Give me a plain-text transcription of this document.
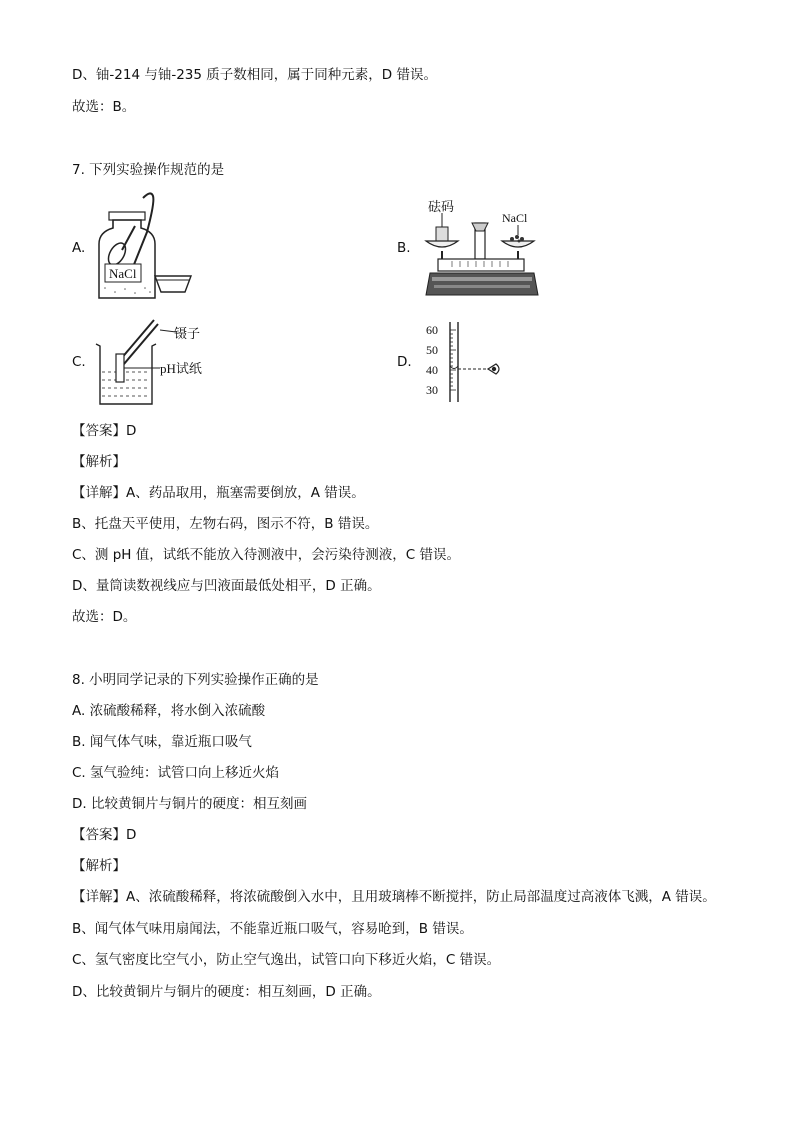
D、铀-214 与铀-235 质子数相同，属于同种元素，D 错误。
故选：B。
7. 下列实验操作规范的是
A.
NaCl
B.
砝码
NaCl
C.
镊子
pH试纸	D.
60
50
40
30
【答案】D
【解析】
【详解】A、药品取用，瓶塞需要倒放，A 错误。
B、托盘天平使用，左物右码，图示不符，B 错误。
C、测 pH 值，试纸不能放入待测液中，会污染待测液，C 错误。
D、量筒读数视线应与凹液面最低处相平，D 正确。
故选：D。
8. 小明同学记录的下列实验操作正确的是
A. 浓硫酸稀释，将水倒入浓硫酸
B. 闻气体气味，靠近瓶口吸气
C. 氢气验纯：试管口向上移近火焰
D. 比较黄铜片与铜片的硬度：相互刻画
【答案】D
【解析】
【详解】A、浓硫酸稀释，将浓硫酸倒入水中，且用玻璃棒不断搅拌，防止局部温度过高液体飞溅，A 错误。
B、闻气体气味用扇闻法，不能靠近瓶口吸气，容易呛到，B 错误。
C、氢气密度比空气小，防止空气逸出，试管口向下移近火焰，C 错误。
D、比较黄铜片与铜片的硬度：相互刻画，D 正确。
